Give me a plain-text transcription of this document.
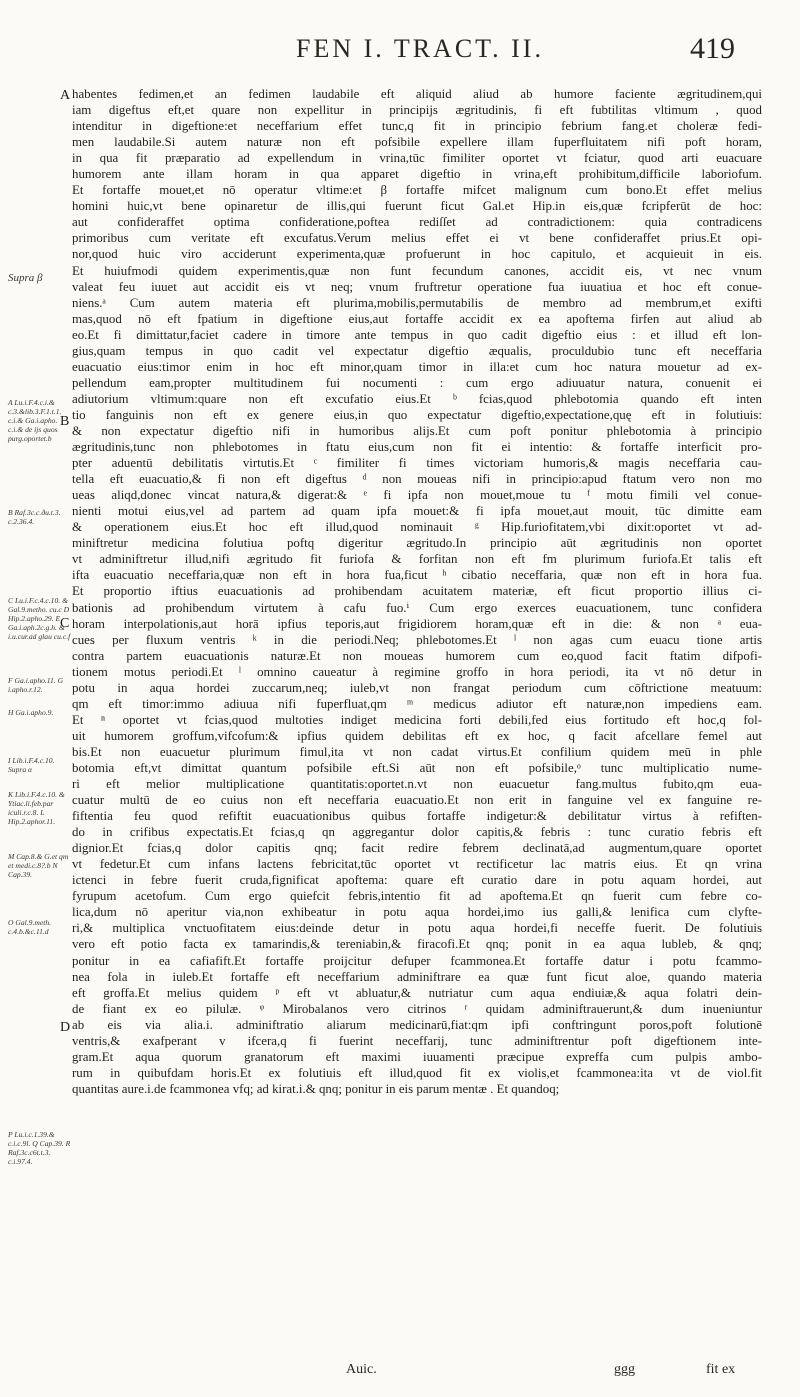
FEN I. TRACT. II.	419
Supra β
A Lu.i.F.4.c.i.& c.3.&lib.3.F.1.t.1. c.i.& Ga.i.apho. c.i.& de ijs quos purg.oportet.b
B Raf.3c.c.ðu.t.3. c.2.36.4.
C Lu.i.F.c.4.c.10. & Gal.9.metho. cu.c D Hip.2.apho.29. E Ga.i.aph.2c.g.h. & i.u.cur.ad glau cu.c.f
F Ga.i.apho.11. G i.apho.r.12.
H Ga.i.apho.9.
I Lib.i.F.4.c.10. Supra α
K Lib.i.F.4.c.10. & Ytiac.li.feb.par iculi.r.c.8. L Hip.2.aphor.11.
M Cap.8.& G.et qm et medi.c.8?.b N Cap.39.
O Gal.9.meth. c.4.b.&c.11.d
P Lu.i.c.1.39.& c.i.c.9l. Q Cap.39. R Raf.3c.c6t.t.3. c.i.97.4.
A
B
C
D
habentes fedimen,et an fedimen laudabile eft aliquid aliud ab humore faciente ægritudinem,qui
iam digeftus eft,et quare non expellitur in principijs ægritudinis, fi eft fubtilitas vltimum , quod
intenditur in digeftione:et neceffarium effet tunc,q fit in principio febrium fang.et choleræ fedi-
men laudabile.Si autem naturæ non eft pofsibile expellere illam fuperfluitatem nifi poft horam,
in qua fit præparatio ad expellendum in vrina,tūc fimiliter oportet vt fciatur, quod arti euacuare
humorem ante illam horam in qua apparet digeftio in vrina,eft prohibitum,difficile laboriofum.
Et fortaffe mouet,et nō operatur vltime:et β fortaffe mifcet malignum cum bono.Et effet melius
homini huic,vt bene opinaretur de illis,qui fuerunt ficut Gal.et Hip.in eis,quæ fcripferūt de hoc:
aut confideraffet optima confideratione,poftea rediſſet ad contradictionem: quia contradicens
primoribus cum veritate eft excufatus.Verum melius effet ei vt bene confideraffet prius.Et opi-
nor,quod huic viro acciderunt experimenta,quæ profuerunt in hoc capitulo, et acquieuit in eis.
Et huiufmodi quidem experimentis,quæ non funt fecundum canones, accidit eis, vt nec vnum
valeat feu iuuet aut accidit eis vt neq; vnum fruftretur operatione fua iuuatiua et hoc eft conue-
niens.ᵃ Cum autem materia eft plurima,mobilis,permutabilis de membro ad membrum,et exifti
mas,quod nō eft fpatium in digeftione eius,aut fortaffe accidit ex ea apoftema firfen aut aliud ab
eo.Et fi dimittatur,faciet cadere in timore ante tempus in quo cadit digeftio eius : et illud eft lon-
gius,quam tempus in quo cadit vel expectatur digeftio æqualis, proculdubio tunc eft neceffaria
euacuatio eius:timor enim in hoc eft minor,quam timor in illa:et cum hoc natura mouetur ad ex-
pellendum eam,propter multitudinem fui nocumenti : cum ergo adiuuatur natura, conuenit ei
adiutorium vltimum:quare non eft excufatio eius.Et ᵇ fcias,quod phlebotomia quando eft inten
tio fanguinis non eft ex genere eius,in quo expectatur digeftio,expectatione,quę eft in folutiuis:
& non expectatur digeftio nifi in humoribus alijs.Et cum poft ponitur phlebotomia à principio
ægritudinis,tunc non phlebotomes in ftatu eius,cum non fit ei intentio: & fortaffe interficit pro-
pter aduentū debilitatis virtutis.Et ᶜ fimiliter fi times victoriam humoris,& magis neceffaria cau-
tella eft euacuatio,& fi non eft digeftus ᵈ non moueas nifi in principio:apud ftatum vero non mo
ueas aliqd,donec vincat natura,& digerat:& ᵉ fi ipfa non mouet,moue tu ᶠ motu fimili vel conue-
nienti motui eius,vel ad partem ad quam ipfa mouet:& fi ipfa mouet,aut mouit, tūc dimitte eam
& operationem eius.Et hoc eft illud,quod nominauit ᵍ Hip.furiofitatem,vbi dixit:oportet vt ad-
miniftretur medicina folutiua poftq digeritur ægritudo.In principio aūt ægritudinis non oportet
vt adminiftretur illud,nifi ægritudo fit furiofa & forfitan non eft fm plurimum furiofa.Et talis eft
ifta euacuatio neceffaria,quæ non eft in hora fua,ficut ʰ cibatio neceffaria, quæ non eft in hora fua.
Et proportio iftius euacuationis ad prohibendam acuitatem materiæ, eft ficut proportio illius ci-
bationis ad prohibendum virtutem à cafu fuo.ⁱ Cum ergo exerces euacuationem, tunc confidera
horam interpolationis,aut horā ipfius teporis,aut frigidiorem horam,quæ eft in die: & non ᵃ eua-
cues per fluxum ventris ᵏ in die periodi.Neq; phlebotomes.Et ˡ non agas cum euacu tione artis
contra partem euacuationis naturæ.Et non moueas humorem cum eo,quod facit ftatim difpofi-
tionem motus periodi.Et ˡ omnino caueatur à regimine groffo in hora periodi, ita vt nō detur in
potu in aqua hordei zuccarum,neq; iuleb,vt non frangat periodum cum cōftrictione meatuum:
qm eft timor:immo adiuua nifi fuperfluat,qm ᵐ medicus adiutor eft naturæ,non impediens eam.
Et ⁿ oportet vt fcias,quod multoties indiget medicina forti debili,fed eius fortitudo eft hoc,q fol-
uit humorem groffum,vifcofum:& ipfius quidem debilitas eft ex hoc, q facit afcellare femel aut
bis.Et non euacuetur plurimum fimul,ita vt non cadat virtus.Et confilium quidem meū in phle
botomia eft,vt dimittat quantum pofsibile eft.Si aūt non eft pofsibile,ᵒ tunc multiplicatio nume-
ri eft melior multiplicatione quantitatis:oportet.n.vt non euacuetur fang.multus fubito,qm eua-
cuatur multū de eo cuius non eft neceffaria euacuatio.Et non erit in fanguine vel ex fanguine re-
fiftentia feu quod refiftit euacuationibus quibus fortaffe indigetur:& debilitatur virtus à refiften-
do in crifibus expectatis.Et fcias,q qn aggregantur dolor capitis,& febris : tunc curatio febris eft
dignior.Et fcias,q dolor capitis qnq; facit redire febrem declinatā,ad augmentum,quare oportet
vt fedetur.Et cum infans lactens febricitat,tūc oportet vt rectificetur lac matris eius. Et qn vrina
ictenci in febre fuerit cruda,fignificat apoftema: quare eft curatio dare in potu aquam hordei, aut
fyrupum acetofum. Cum ergo quiefcit febris,intentio fit ad apoftema.Et qn fuerit cum febre co-
lica,dum nō aperitur via,non exhibeatur in potu aqua hordei,imo ius galli,& lenifica cum clyfte-
ri,& multiplica vnctuofitatem eius:deinde detur in potu aqua hordei,fi neceffe fuerit. De folutiuis
vero eft potio facta ex tamarindis,& tereniabin,& firacofi.Et qnq; ponit in ea aqua lubleb, & qnq;
ponitur in ea cafiafift.Et fortaffe proijcitur defuper fcammonea.Et fortaffe datur i potu fcammo-
nea fola in iuleb.Et fortaffe eft neceffarium adminiftrare ea quæ funt ficut aloe, quando materia
eft groffa.Et melius quidem ᵖ eft vt abluatur,& nutriatur cum aqua endiuiæ,& aqua folatri dein-
de fiant ex eo pilulæ. ᵠ Mirobalanos vero citrinos ʳ quidam adminiftrauerunt,& dum inueniuntur
ab eis via alia.i. adminiftratio aliarum medicinarū,fiat:qm ipfi conftringunt poros,poft folutionē
ventris,& exafperant v ifcera,q fi fuerint neceffarij, tunc adminiftrentur poft digeftionem inte-
gram.Et aqua quorum granatorum eft maximi iuuamenti præcipue expreffa cum pulpis ambo-
rum in quibufdam horis.Et ex folutiuis eft illud,quod fit ex violis,et fcammonea:ita vt de viol.fit
quantitas aure.i.de fcammonea vfq; ad kirat.i.& qnq; ponitur in eis parum mentæ . Et quandoq;
Auic.	ggg	fit ex
